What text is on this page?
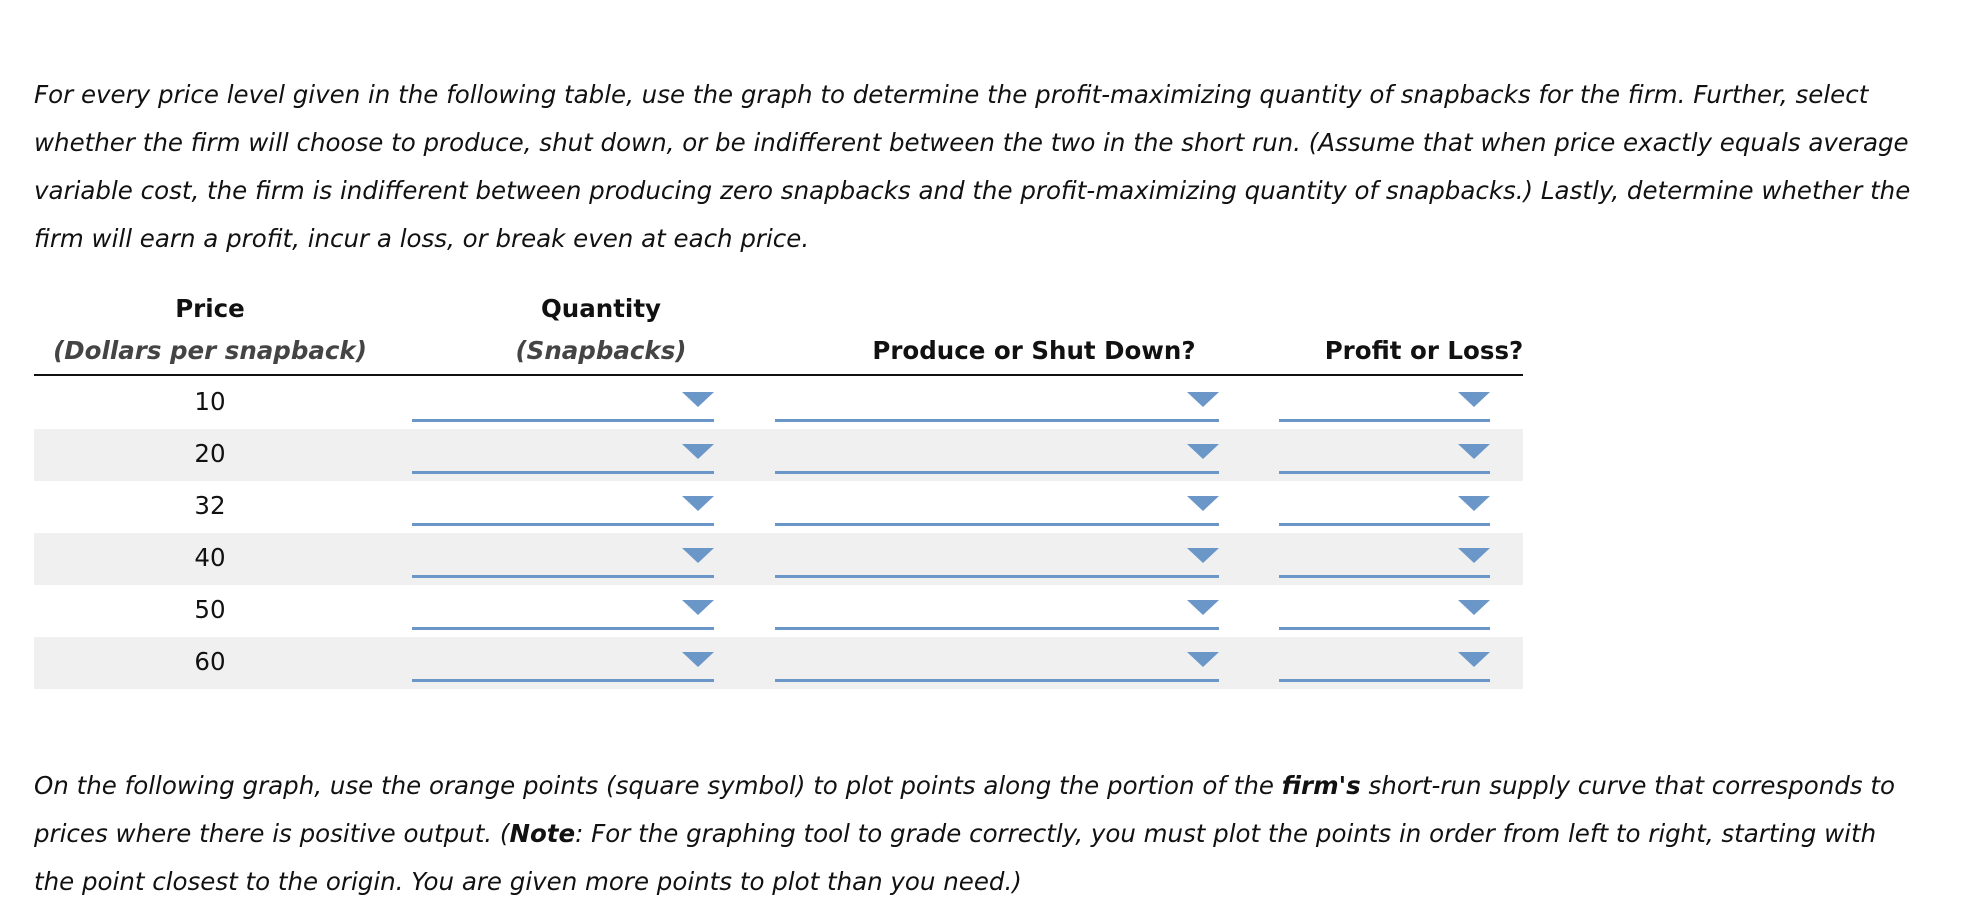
For every price level given in the following table, use the graph to determine the profit-maximizing quantity of snapbacks for the firm. Further, select whether the firm will choose to produce, shut down, or be indifferent between the two in the short run. (Assume that when price exactly equals average variable cost, the firm is indifferent between producing zero snapbacks and the profit-maximizing quantity of snapbacks.) Lastly, determine whether the firm will earn a profit, incur a loss, or break even at each price.

Price
(Dollars per snapback)
Quantity
(Snapbacks)	Produce or Shut Down?	Profit or Loss?
10
20
32
40
50
60

On the following graph, use the orange points (square symbol) to plot points along the portion of the firm's short-run supply curve that corresponds to prices where there is positive output. (Note: For the graphing tool to grade correctly, you must plot the points in order from left to right, starting with the point closest to the origin. You are given more points to plot than you need.)
